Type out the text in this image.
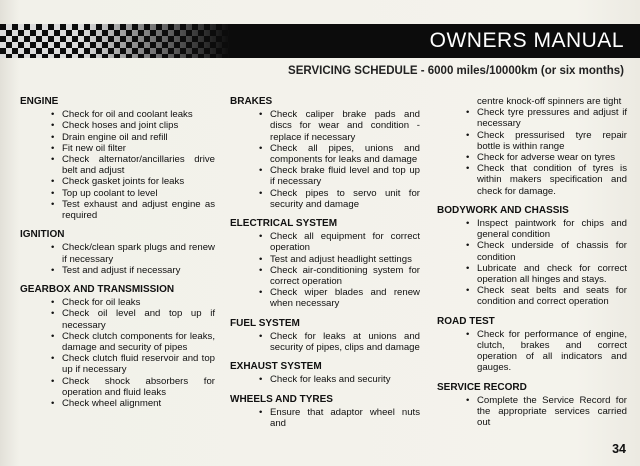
OWNERS MANUAL
SERVICING SCHEDULE - 6000 miles/10000km (or six months)
ENGINE
• Check for oil and coolant leaks
• Check hoses and joint clips
• Drain engine oil and refill
• Fit new oil filter
• Check alternator/ancillaries drive belt and adjust
• Check gasket joints for leaks
• Top up coolant to level
• Test exhaust and adjust engine as required
IGNITION
• Check/clean spark plugs and renew if necessary
• Test and adjust if necessary
GEARBOX AND TRANSMISSION
• Check for oil leaks
• Check oil level and top up if necessary
• Check clutch components for leaks, damage and security of pipes
• Check clutch fluid reservoir and top up if necessary
• Check shock absorbers for operation and fluid leaks
• Check wheel alignment
BRAKES
• Check caliper brake pads and discs for wear and condition - replace if necessary
• Check all pipes, unions and components for leaks and damage
• Check brake fluid level and top up if necessary
• Check pipes to servo unit for security and damage
ELECTRICAL SYSTEM
• Check all equipment for correct operation
• Test and adjust headlight settings
• Check air-conditioning system for correct operation
• Check wiper blades and renew when necessary
FUEL SYSTEM
• Check for leaks at unions and security of pipes, clips and damage
EXHAUST SYSTEM
• Check for leaks and security
WHEELS AND TYRES
• Ensure that adaptor wheel nuts and
centre knock-off spinners are tight
• Check tyre pressures and adjust if necessary
• Check pressurised tyre repair bottle is within range
• Check for adverse wear on tyres
• Check that condition of tyres is within makers specification and check for damage.
BODYWORK AND CHASSIS
• Inspect paintwork for chips and general condition
• Check underside of chassis for condition
• Lubricate and check for correct operation all hinges and stays.
• Check seat belts and seats for condition and correct operation
ROAD TEST
• Check for performance of engine, clutch, brakes and correct operation of all indicators and gauges.
SERVICE RECORD
• Complete the Service Record for the appropriate services carried out
34
